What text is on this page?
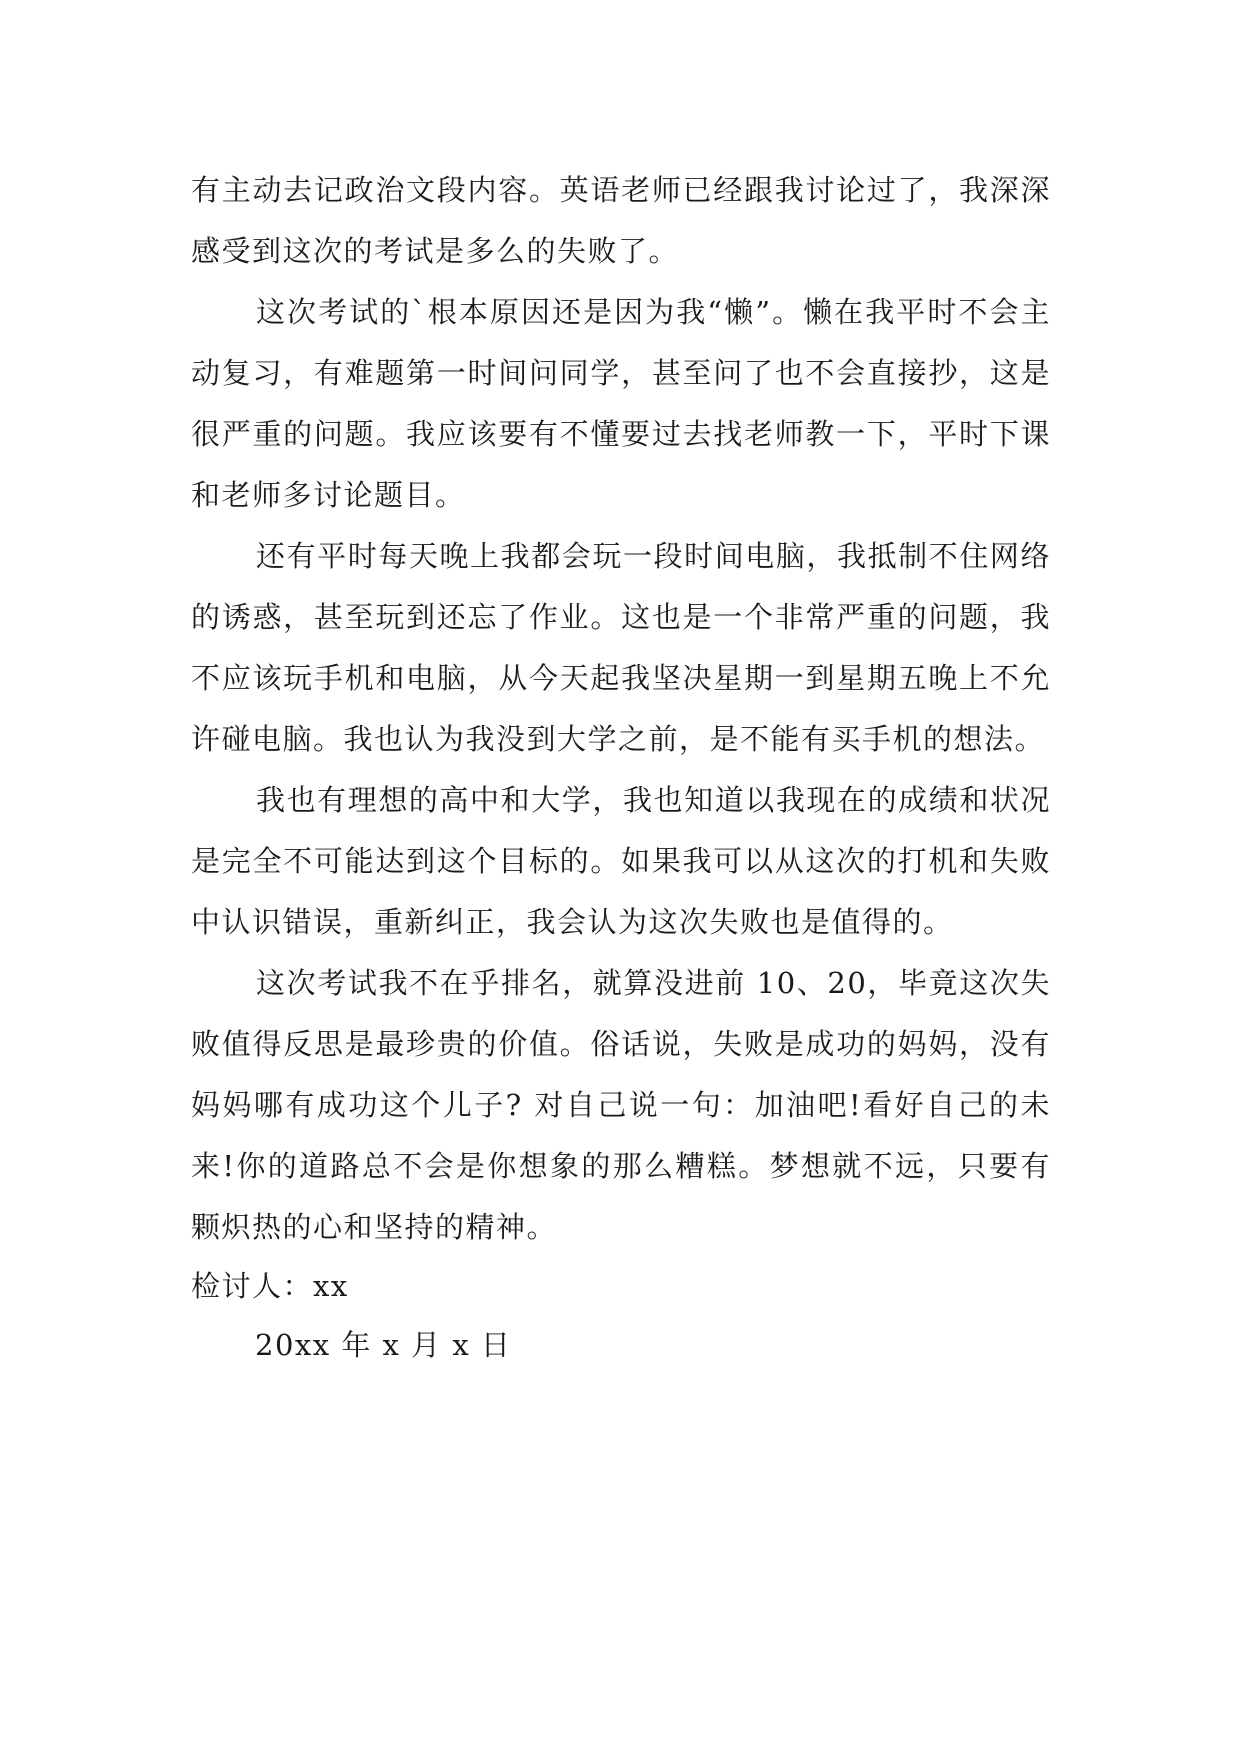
有主动去记政治文段内容。英语老师已经跟我讨论过了，我深深感受到这次的考试是多么的失败了。

这次考试的`根本原因还是因为我“懒”。懒在我平时不会主动复习，有难题第一时间问同学，甚至问了也不会直接抄，这是很严重的问题。我应该要有不懂要过去找老师教一下，平时下课和老师多讨论题目。

还有平时每天晚上我都会玩一段时间电脑，我抵制不住网络的诱惑，甚至玩到还忘了作业。这也是一个非常严重的问题，我不应该玩手机和电脑，从今天起我坚决星期一到星期五晚上不允许碰电脑。我也认为我没到大学之前，是不能有买手机的想法。

我也有理想的高中和大学，我也知道以我现在的成绩和状况是完全不可能达到这个目标的。如果我可以从这次的打机和失败中认识错误，重新纠正，我会认为这次失败也是值得的。

这次考试我不在乎排名，就算没进前 10、20，毕竟这次失败值得反思是最珍贵的价值。俗话说，失败是成功的妈妈，没有妈妈哪有成功这个儿子? 对自己说一句：加油吧!看好自己的未来!你的道路总不会是你想象的那么糟糕。梦想就不远，只要有颗炽热的心和坚持的精神。

检讨人：xx

20xx 年 x 月 x 日
